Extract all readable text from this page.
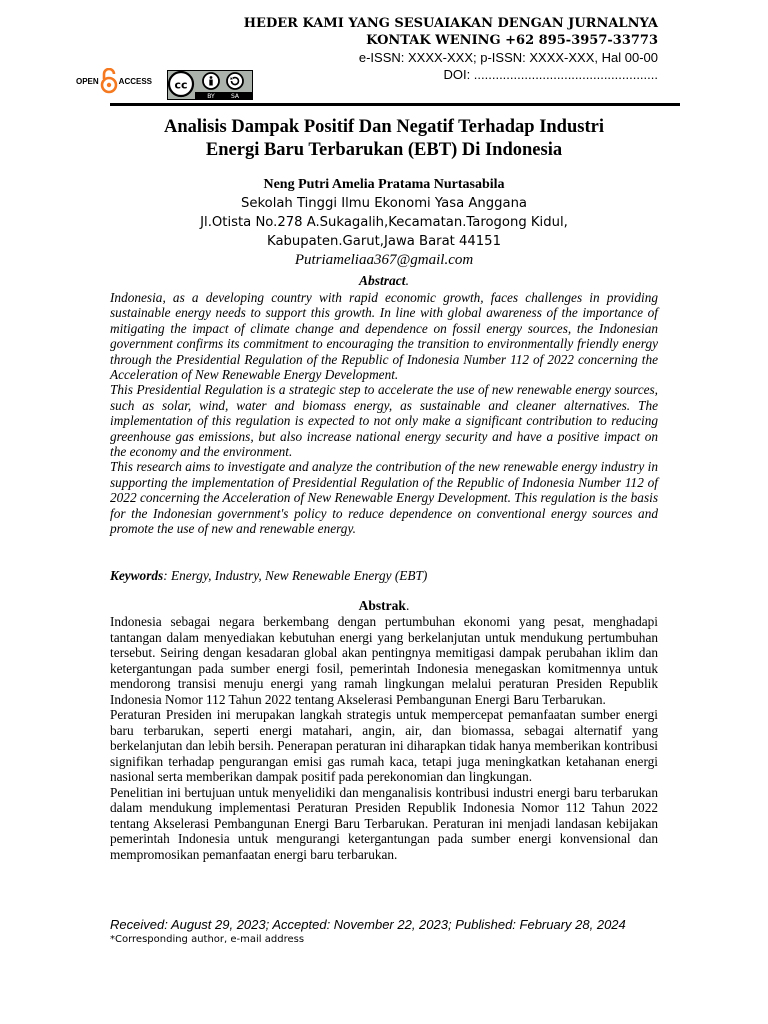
HEDER KAMI YANG SESUAIAKAN DENGAN JURNALNYA
KONTAK WENING +62 895-3957-33773
e-ISSN: XXXX-XXX; p-ISSN: XXXX-XXX, Hal 00-00
DOI: ...................................................
OPEN	ACCESS cc
BY	SA
Analisis Dampak Positif Dan Negatif Terhadap Industri
Energi Baru Terbarukan (EBT) Di Indonesia
Neng Putri Amelia Pratama Nurtasabila
Sekolah Tinggi Ilmu Ekonomi Yasa Anggana
Jl.Otista No.278 A.Sukagalih,Kecamatan.Tarogong Kidul,
Kabupaten.Garut,Jawa Barat 44151
Putriameliaa367@gmail.com
Abstract.

Indonesia, as a developing country with rapid economic growth, faces challenges in providing sustainable energy needs to support this growth. In line with global awareness of the importance of mitigating the impact of climate change and dependence on fossil energy sources, the Indonesian government confirms its commitment to encouraging the transition to environmentally friendly energy through the Presidential Regulation of the Republic of Indonesia Number 112 of 2022 concerning the Acceleration of New Renewable Energy Development.

This Presidential Regulation is a strategic step to accelerate the use of new renewable energy sources, such as solar, wind, water and biomass energy, as sustainable and cleaner alternatives. The implementation of this regulation is expected to not only make a significant contribution to reducing greenhouse gas emissions, but also increase national energy security and have a positive impact on the economy and the environment.

This research aims to investigate and analyze the contribution of the new renewable energy industry in supporting the implementation of Presidential Regulation of the Republic of Indonesia Number 112 of 2022 concerning the Acceleration of New Renewable Energy Development. This regulation is the basis for the Indonesian government's policy to reduce dependence on conventional energy sources and promote the use of new and renewable energy.

Keywords: Energy, Industry, New Renewable Energy (EBT)
Abstrak.

Indonesia sebagai negara berkembang dengan pertumbuhan ekonomi yang pesat, menghadapi tantangan dalam menyediakan kebutuhan energi yang berkelanjutan untuk mendukung pertumbuhan tersebut. Seiring dengan kesadaran global akan pentingnya memitigasi dampak perubahan iklim dan ketergantungan pada sumber energi fosil, pemerintah Indonesia menegaskan komitmennya untuk mendorong transisi menuju energi yang ramah lingkungan melalui peraturan Presiden Republik Indonesia Nomor 112 Tahun 2022 tentang Akselerasi Pembangunan Energi Baru Terbarukan.

Peraturan Presiden ini merupakan langkah strategis untuk mempercepat pemanfaatan sumber energi baru terbarukan, seperti energi matahari, angin, air, dan biomassa, sebagai alternatif yang berkelanjutan dan lebih bersih. Penerapan peraturan ini diharapkan tidak hanya memberikan kontribusi signifikan terhadap pengurangan emisi gas rumah kaca, tetapi juga meningkatkan ketahanan energi nasional serta memberikan dampak positif pada perekonomian dan lingkungan.

Penelitian ini bertujuan untuk menyelidiki dan menganalisis kontribusi industri energi baru terbarukan dalam mendukung implementasi Peraturan Presiden Republik Indonesia Nomor 112 Tahun 2022 tentang Akselerasi Pembangunan Energi Baru Terbarukan. Peraturan ini menjadi landasan kebijakan pemerintah Indonesia untuk mengurangi ketergantungan pada sumber energi konvensional dan mempromosikan pemanfaatan energi baru terbarukan.

Received: August 29, 2023; Accepted: November 22, 2023; Published: February 28, 2024
*Corresponding author, e-mail address
